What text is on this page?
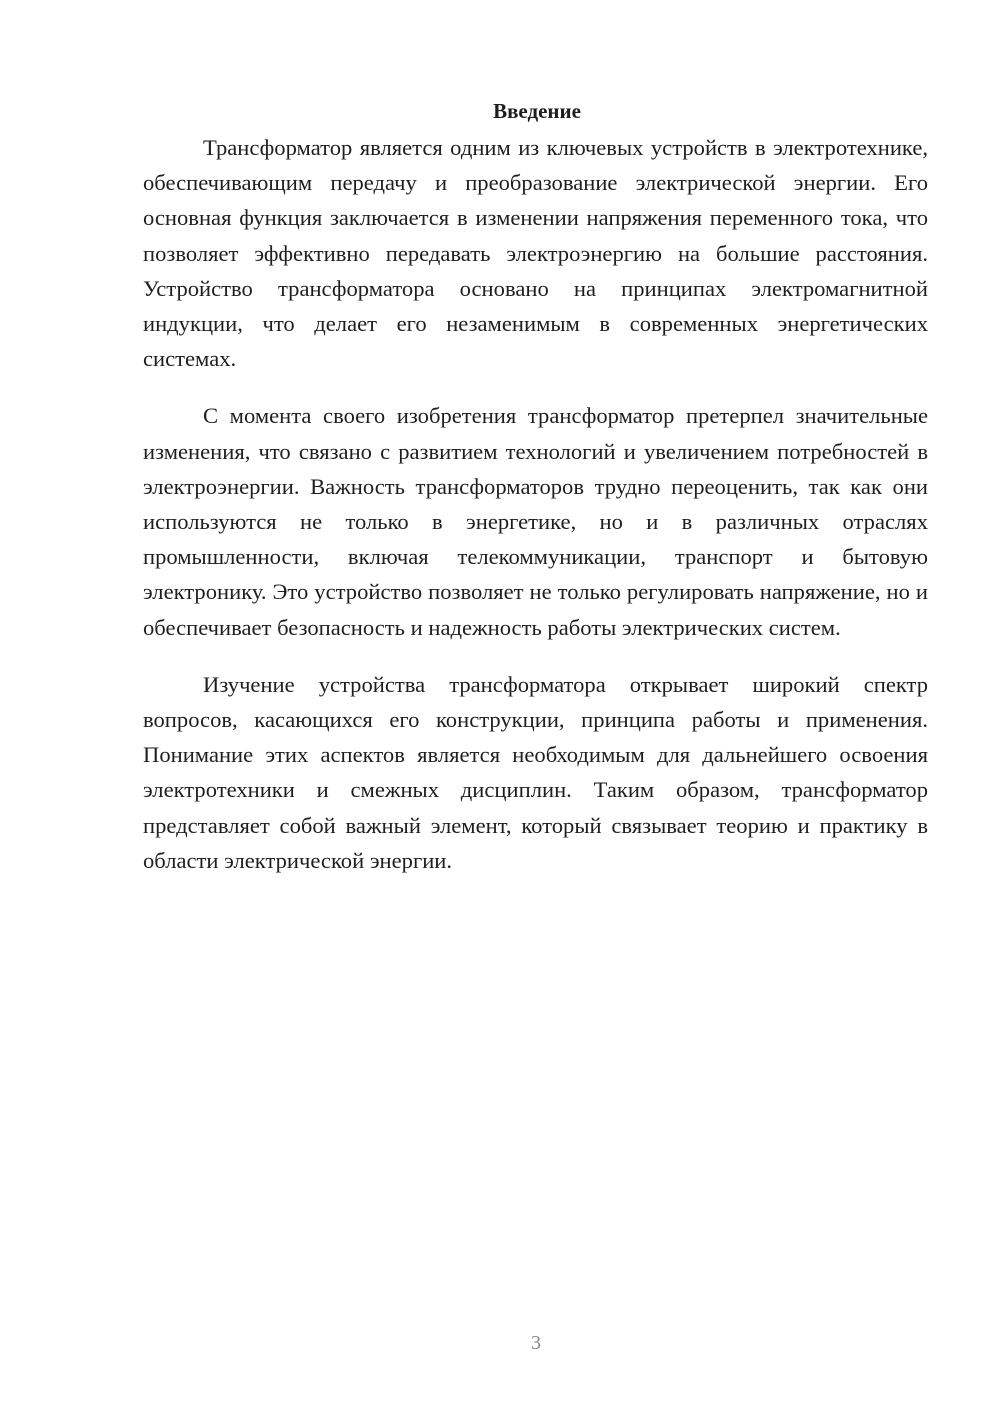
Введение

Трансформатор является одним из ключевых устройств в электротехнике, обеспечивающим передачу и преобразование электрической энергии. Его основная функция заключается в изменении напряжения переменного тока, что позволяет эффективно передавать электроэнергию на большие расстояния. Устройство трансформатора основано на принципах электромагнитной индукции, что делает его незаменимым в современных энергетических системах.

С момента своего изобретения трансформатор претерпел значительные изменения, что связано с развитием технологий и увеличением потребностей в электроэнергии. Важность трансформаторов трудно переоценить, так как они используются не только в энергетике, но и в различных отраслях промышленности, включая телекоммуникации, транспорт и бытовую электронику. Это устройство позволяет не только регулировать напряжение, но и обеспечивает безопасность и надежность работы электрических систем.

Изучение устройства трансформатора открывает широкий спектр вопросов, касающихся его конструкции, принципа работы и применения. Понимание этих аспектов является необходимым для дальнейшего освоения электротехники и смежных дисциплин. Таким образом, трансформатор представляет собой важный элемент, который связывает теорию и практику в области электрической энергии.

3
